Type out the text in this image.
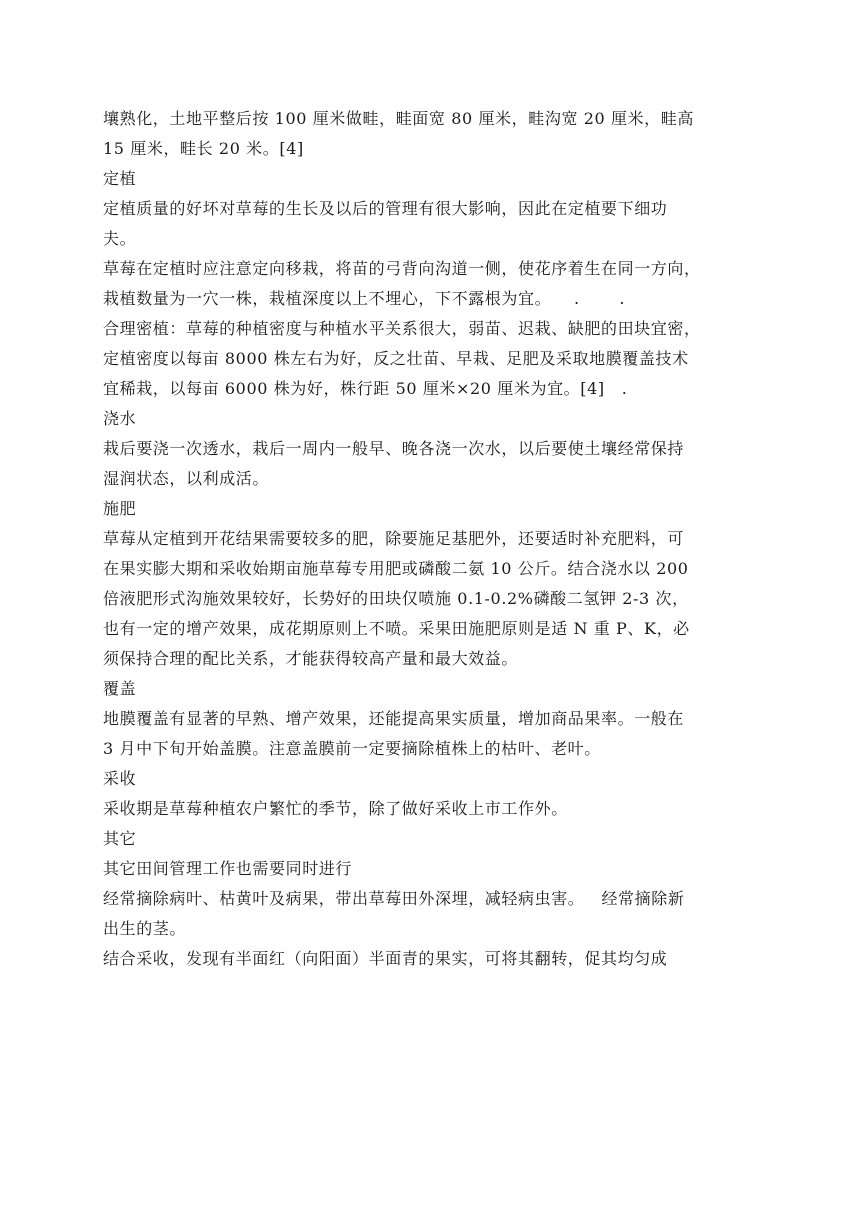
壤熟化，土地平整后按 100 厘米做畦，畦面宽 80 厘米，畦沟宽 20 厘米，畦高
15 厘米，畦长 20 米。[4]
定植
定植质量的好坏对草莓的生长及以后的管理有很大影响，因此在定植要下细功
夫。
草莓在定植时应注意定向移栽，将苗的弓背向沟道一侧，使花序着生在同一方向，
栽植数量为一穴一株，栽植深度以上不埋心，下不露根为宜。    .       .
合理密植：草莓的种植密度与种植水平关系很大，弱苗、迟栽、缺肥的田块宜密，
定植密度以每亩 8000 株左右为好，反之壮苗、早栽、足肥及采取地膜覆盖技术
宜稀栽，以每亩 6000 株为好，株行距 50 厘米×20 厘米为宜。[4]   .
浇水
栽后要浇一次透水，栽后一周内一般早、晚各浇一次水，以后要使土壤经常保持
湿润状态，以利成活。
施肥
草莓从定植到开花结果需要较多的肥，除要施足基肥外，还要适时补充肥料，可
在果实膨大期和采收始期亩施草莓专用肥或磷酸二氨 10 公斤。结合浇水以 200
倍液肥形式沟施效果较好，长势好的田块仅喷施 0.1-0.2%磷酸二氢钾 2-3 次，
也有一定的增产效果，成花期原则上不喷。采果田施肥原则是适 N 重 P、K，必
须保持合理的配比关系，才能获得较高产量和最大效益。
覆盖
地膜覆盖有显著的早熟、增产效果，还能提高果实质量，增加商品果率。一般在
3 月中下旬开始盖膜。注意盖膜前一定要摘除植株上的枯叶、老叶。
采收
采收期是草莓种植农户繁忙的季节，除了做好采收上市工作外。
其它
其它田间管理工作也需要同时进行
经常摘除病叶、枯黄叶及病果，带出草莓田外深埋，减轻病虫害。   经常摘除新
出生的茎。
结合采收，发现有半面红（向阳面）半面青的果实，可将其翻转，促其均匀成
